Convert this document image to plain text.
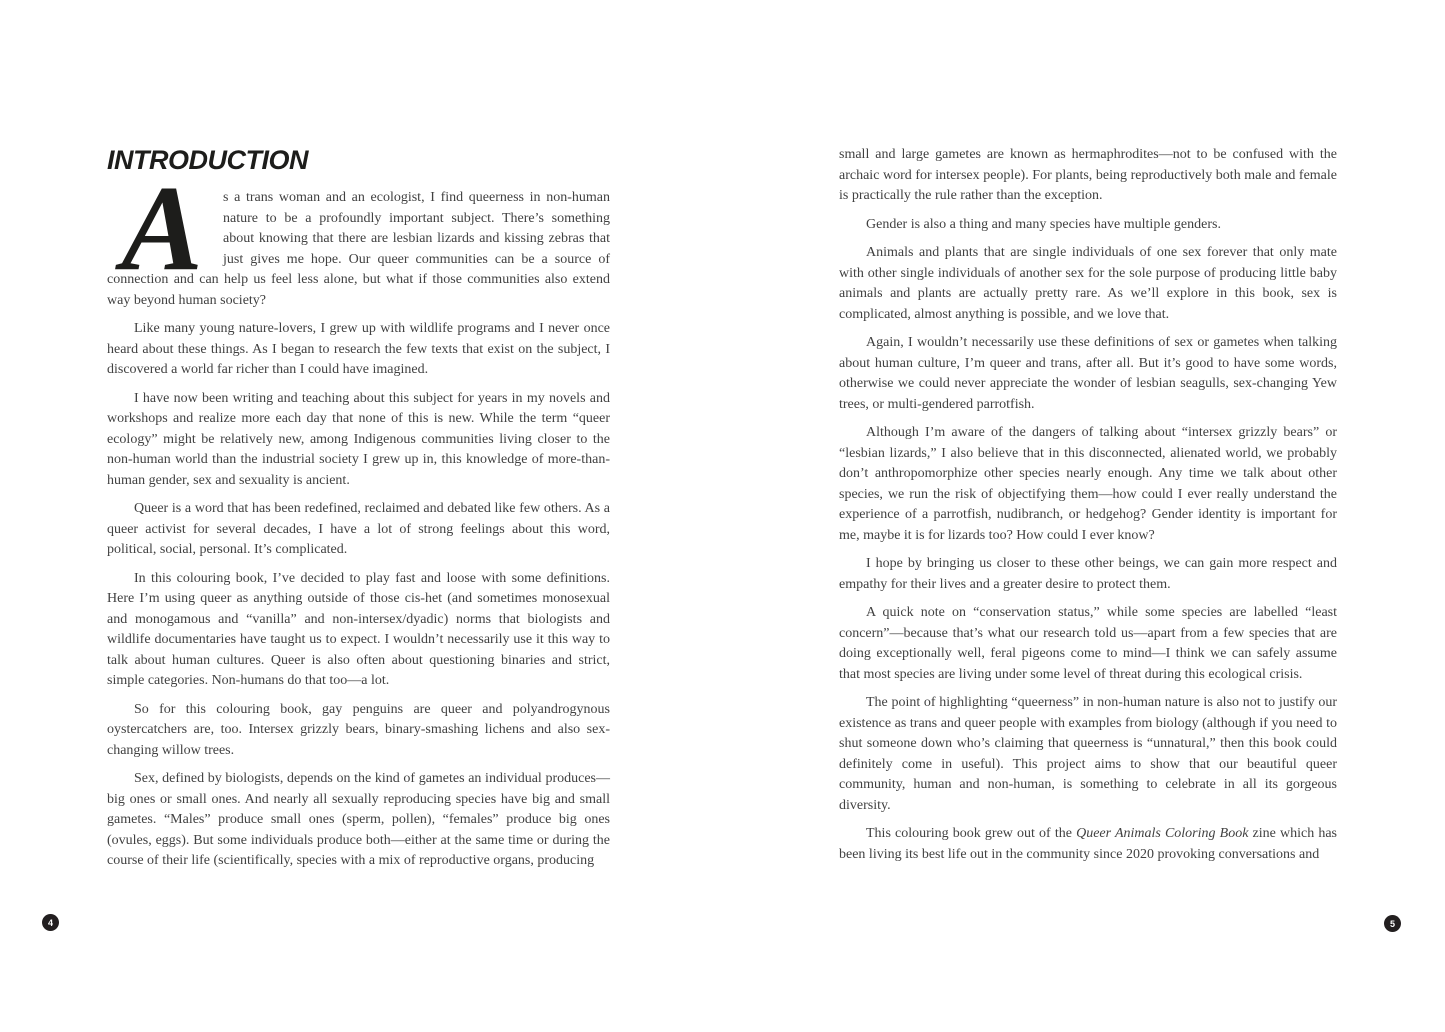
INTRODUCTION
A	s a trans woman and an ecologist, I find queerness in non-human nature to be a profoundly important subject. There’s something about knowing that there are lesbian lizards and kissing zebras that just gives me hope. Our queer communities can be a source of connection and can help us feel less alone, but what if those communities also extend way beyond human society?

Like many young nature-lovers, I grew up with wildlife programs and I never once heard about these things. As I began to research the few texts that exist on the subject, I discovered a world far richer than I could have imagined.

I have now been writing and teaching about this subject for years in my novels and workshops and realize more each day that none of this is new. While the term “queer ecology” might be relatively new, among Indigenous communities living closer to the non-human world than the industrial society I grew up in, this knowledge of more-than-human gender, sex and sexuality is ancient.

Queer is a word that has been redefined, reclaimed and debated like few others. As a queer activist for several decades, I have a lot of strong feelings about this word, political, social, personal. It’s complicated.

In this colouring book, I’ve decided to play fast and loose with some definitions. Here I’m using queer as anything outside of those cis-het (and sometimes monosexual and monogamous and “vanilla” and non-intersex/dyadic) norms that biologists and wildlife documentaries have taught us to expect. I wouldn’t necessarily use it this way to talk about human cultures. Queer is also often about questioning binaries and strict, simple categories. Non-humans do that too—a lot.

So for this colouring book, gay penguins are queer and polyandrogynous oystercatchers are, too. Intersex grizzly bears, binary-smashing lichens and also sex-changing willow trees.

Sex, defined by biologists, depends on the kind of gametes an individual produces—big ones or small ones. And nearly all sexually reproducing species have big and small gametes. “Males” produce small ones (sperm, pollen), “females” produce big ones (ovules, eggs). But some individuals produce both—either at the same time or during the course of their life (scientifically, species with a mix of reproductive organs, producing

small and large gametes are known as hermaphrodites—not to be confused with the archaic word for intersex people). For plants, being reproductively both male and female is practically the rule rather than the exception.

Gender is also a thing and many species have multiple genders.

Animals and plants that are single individuals of one sex forever that only mate with other single individuals of another sex for the sole purpose of producing little baby animals and plants are actually pretty rare. As we’ll explore in this book, sex is complicated, almost anything is possible, and we love that.

Again, I wouldn’t necessarily use these definitions of sex or gametes when talking about human culture, I’m queer and trans, after all. But it’s good to have some words, otherwise we could never appreciate the wonder of lesbian seagulls, sex-changing Yew trees, or multi-gendered parrotfish.

Although I’m aware of the dangers of talking about “intersex grizzly bears” or “lesbian lizards,” I also believe that in this disconnected, alienated world, we probably don’t anthropomorphize other species nearly enough. Any time we talk about other species, we run the risk of objectifying them—how could I ever really understand the experience of a parrotfish, nudibranch, or hedgehog? Gender identity is important for me, maybe it is for lizards too? How could I ever know?

I hope by bringing us closer to these other beings, we can gain more respect and empathy for their lives and a greater desire to protect them.

A quick note on “conservation status,” while some species are labelled “least concern”—because that’s what our research told us—apart from a few species that are doing exceptionally well, feral pigeons come to mind—I think we can safely assume that most species are living under some level of threat during this ecological crisis.

The point of highlighting “queerness” in non-human nature is also not to justify our existence as trans and queer people with examples from biology (although if you need to shut someone down who’s claiming that queerness is “unnatural,” then this book could definitely come in useful). This project aims to show that our beautiful queer community, human and non-human, is something to celebrate in all its gorgeous diversity.

This colouring book grew out of the Queer Animals Coloring Book zine which has been living its best life out in the community since 2020 provoking conversations and

4	5
